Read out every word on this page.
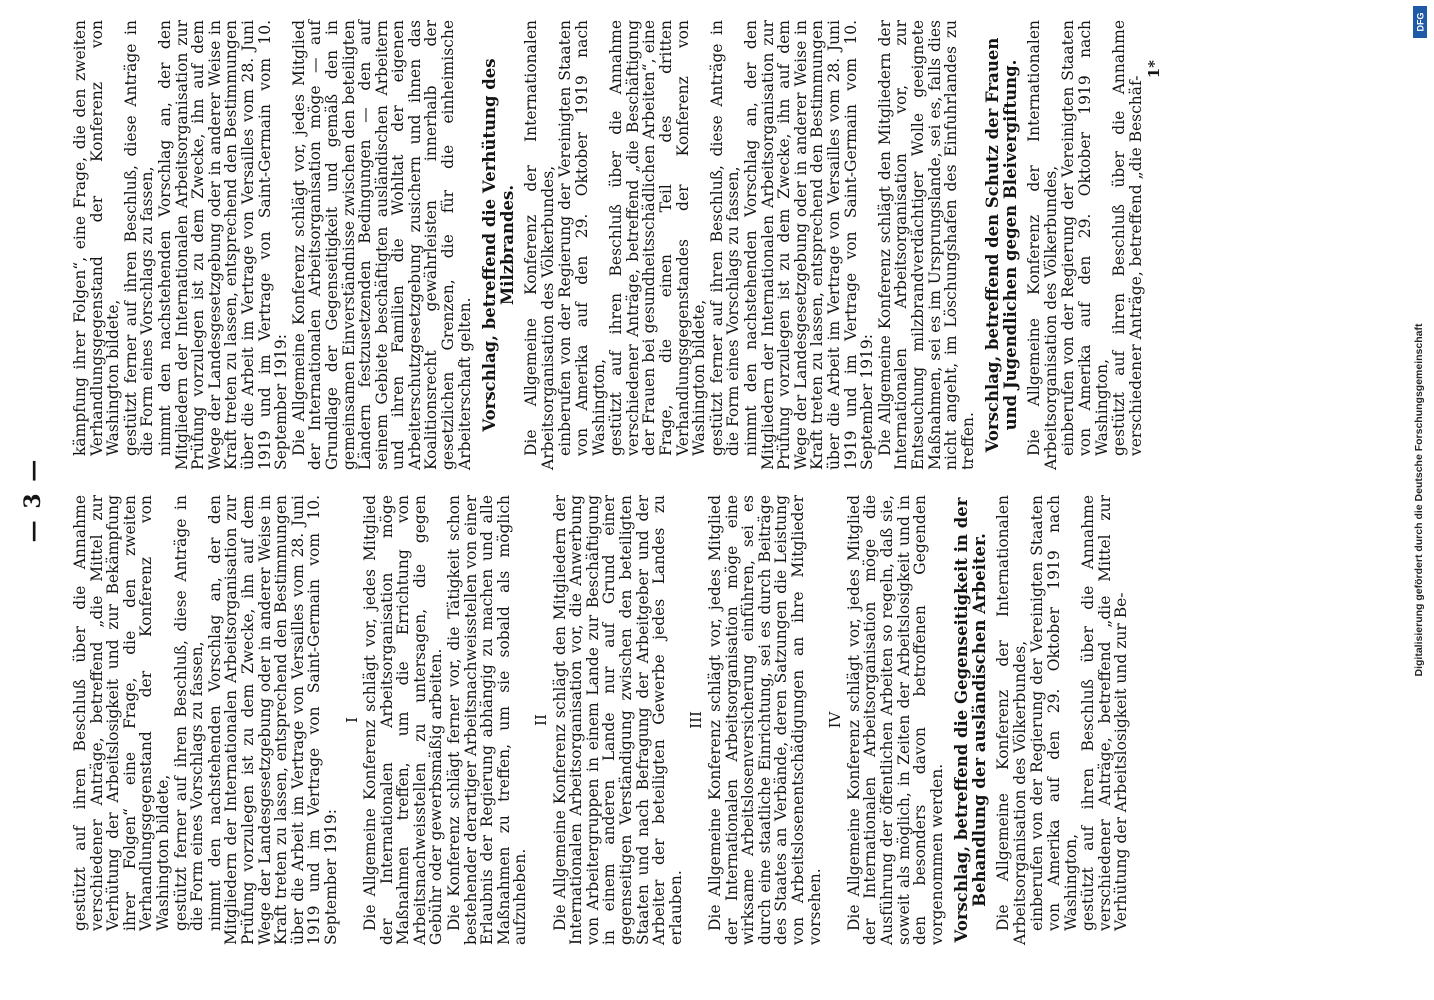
— 3 — gestützt auf ihren Beschluß über die Annahme verschiedener Anträge, betreffend „die Mittel zur Verhütung der Arbeitslosigkeit und zur Bekämpfung ihrer Folgen“ eine Frage, die den zweiten Verhandlungsgegenstand der Konferenz von Washington bildete, gestützt ferner auf ihren Beschluß, diese Anträge in die Form eines Vorschlags zu fassen, nimmt den nachstehenden Vorschlag an, der den Mitgliedern der Internationalen Arbeitsorganisation zur Prüfung vorzulegen ist zu dem Zwecke, ihn auf dem Wege der Landesgesetzgebung oder in anderer Weise in Kraft treten zu lassen, entsprechend den Bestimmungen über die Arbeit im Vertrage von Versailles vom 28. Juni 1919 und im Vertrage von Saint-Germain vom 10. September 1919:
I Die Allgemeine Konferenz schlägt vor, jedes Mitglied der Internationalen Arbeitsorganisation möge Maßnahmen treffen, um die Errichtung von Arbeitsnachweisstellen zu untersagen, die gegen Gebühr oder gewerbsmäßig arbeiten. Die Konferenz schlägt ferner vor, die Tätigkeit schon bestehender derartiger Arbeitsnachweisstellen von einer Erlaubnis der Regierung abhängig zu machen und alle Maßnahmen zu treffen, um sie sobald als möglich aufzuheben.
II Die Allgemeine Konferenz schlägt den Mitgliedern der Internationalen Arbeitsorganisation vor, die Anwerbung von Arbeitergruppen in einem Lande zur Beschäftigung in einem anderen Lande nur auf Grund einer gegenseitigen Verständigung zwischen den beteiligten Staaten und nach Befragung der Arbeitgeber und der Arbeiter der beteiligten Gewerbe jedes Landes zu erlauben.
III Die Allgemeine Konferenz schlägt vor, jedes Mitglied der Internationalen Arbeitsorganisation möge eine wirksame Arbeitslosenversicherung einführen, sei es durch eine staatliche Einrichtung, sei es durch Beiträge des Staates an Verbände, deren Satzungen die Leistung von Arbeitslosenentschädigungen an ihre Mitglieder vorsehen.
IV Die Allgemeine Konferenz schlägt vor, jedes Mitglied der Internationalen Arbeitsorganisation möge die Ausführung der öffentlichen Arbeiten so regeln, daß sie, soweit als möglich, in Zeiten der Arbeitslosigkeit und in den besonders davon betroffenen Gegenden vorgenommen werden. Vorschlag, betreffend die Gegenseitigkeit in der Behandlung der ausländischen Arbeiter. Die Allgemeine Konferenz der Internationalen Arbeitsorganisation des Völkerbundes, einberufen von der Regierung der Vereinigten Staaten von Amerika auf den 29. Oktober 1919 nach Washington, gestützt auf ihren Beschluß über die Annahme verschiedener Anträge, betreffend „die Mittel zur Verhütung der Arbeitslosigkeit und zur Be-
kämpfung ihrer Folgen“, eine Frage, die den zweiten Verhandlungsgegenstand der Konferenz von Washington bildete, gestützt ferner auf ihren Beschluß, diese Anträge in die Form eines Vorschlags zu fassen, nimmt den nachstehenden Vorschlag an, der den Mitgliedern der Internationalen Arbeitsorganisation zur Prüfung vorzulegen ist zu dem Zwecke, ihn auf dem Wege der Landesgesetzgebung oder in anderer Weise in Kraft treten zu lassen, entsprechend den Bestimmungen über die Arbeit im Vertrage von Versailles vom 28. Juni 1919 und im Vertrage von Saint-Germain vom 10. September 1919: Die Allgemeine Konferenz schlägt vor, jedes Mitglied der Internationalen Arbeitsorganisation möge — auf Grundlage der Gegenseitigkeit und gemäß den in gemeinsamen Einverständnisse zwischen den beteiligten Ländern festzusetzenden Bedingungen — den auf seinem Gebiete beschäftigten ausländischen Arbeitern und ihren Familien die Wohltat der eigenen Arbeiterschutzgesetzgebung zusichern und ihnen das Koalitionsrecht gewährleisten innerhalb der gesetzlichen Grenzen, die für die einheimische Arbeiterschaft gelten. Vorschlag, betreffend die Verhütung des Milzbrandes. Die Allgemeine Konferenz der Internationalen Arbeitsorganisation des Völkerbundes, einberufen von der Regierung der Vereinigten Staaten von Amerika auf den 29. Oktober 1919 nach Washington, gestützt auf ihren Beschluß über die Annahme verschiedener Anträge, betreffend „die Beschäftigung der Frauen bei gesundheitsschädlichen Arbeiten“, eine Frage, die einen Teil des dritten Verhandlungsgegenstandes der Konferenz von Washington bildete, gestützt ferner auf ihren Beschluß, diese Anträge in die Form eines Vorschlags zu fassen, nimmt den nachstehenden Vorschlag an, der den Mitgliedern der Internationalen Arbeitsorganisation zur Prüfung vorzulegen ist zu dem Zwecke, ihn auf dem Wege der Landesgesetzgebung oder in anderer Weise in Kraft treten zu lassen, entsprechend den Bestimmungen über die Arbeit im Vertrage von Versailles vom 28. Juni 1919 und im Vertrage von Saint-Germain vom 10. September 1919: Die Allgemeine Konferenz schlägt den Mitgliedern der Internationalen Arbeitsorganisation vor, zur Entseuchung milzbrandverdächtiger Wolle geeignete Maßnahmen, sei es im Ursprungslande, sei es, falls dies nicht angeht, im Löschungshafen des Einfuhrlandes zu treffen. Vorschlag, betreffend den Schutz der Frauen und Jugendlichen gegen Bleivergiftung. Die Allgemeine Konferenz der Internationalen Arbeitsorganisation des Völkerbundes, einberufen von der Regierung der Vereinigten Staaten von Amerika auf den 29. Oktober 1919 nach Washington, gestützt auf ihren Beschluß über die Annahme verschiedener Anträge, betreffend „die Beschäf-
1*
Digitalisierung gefördert durch die Deutsche Forschungsgemeinschaft
DFG
